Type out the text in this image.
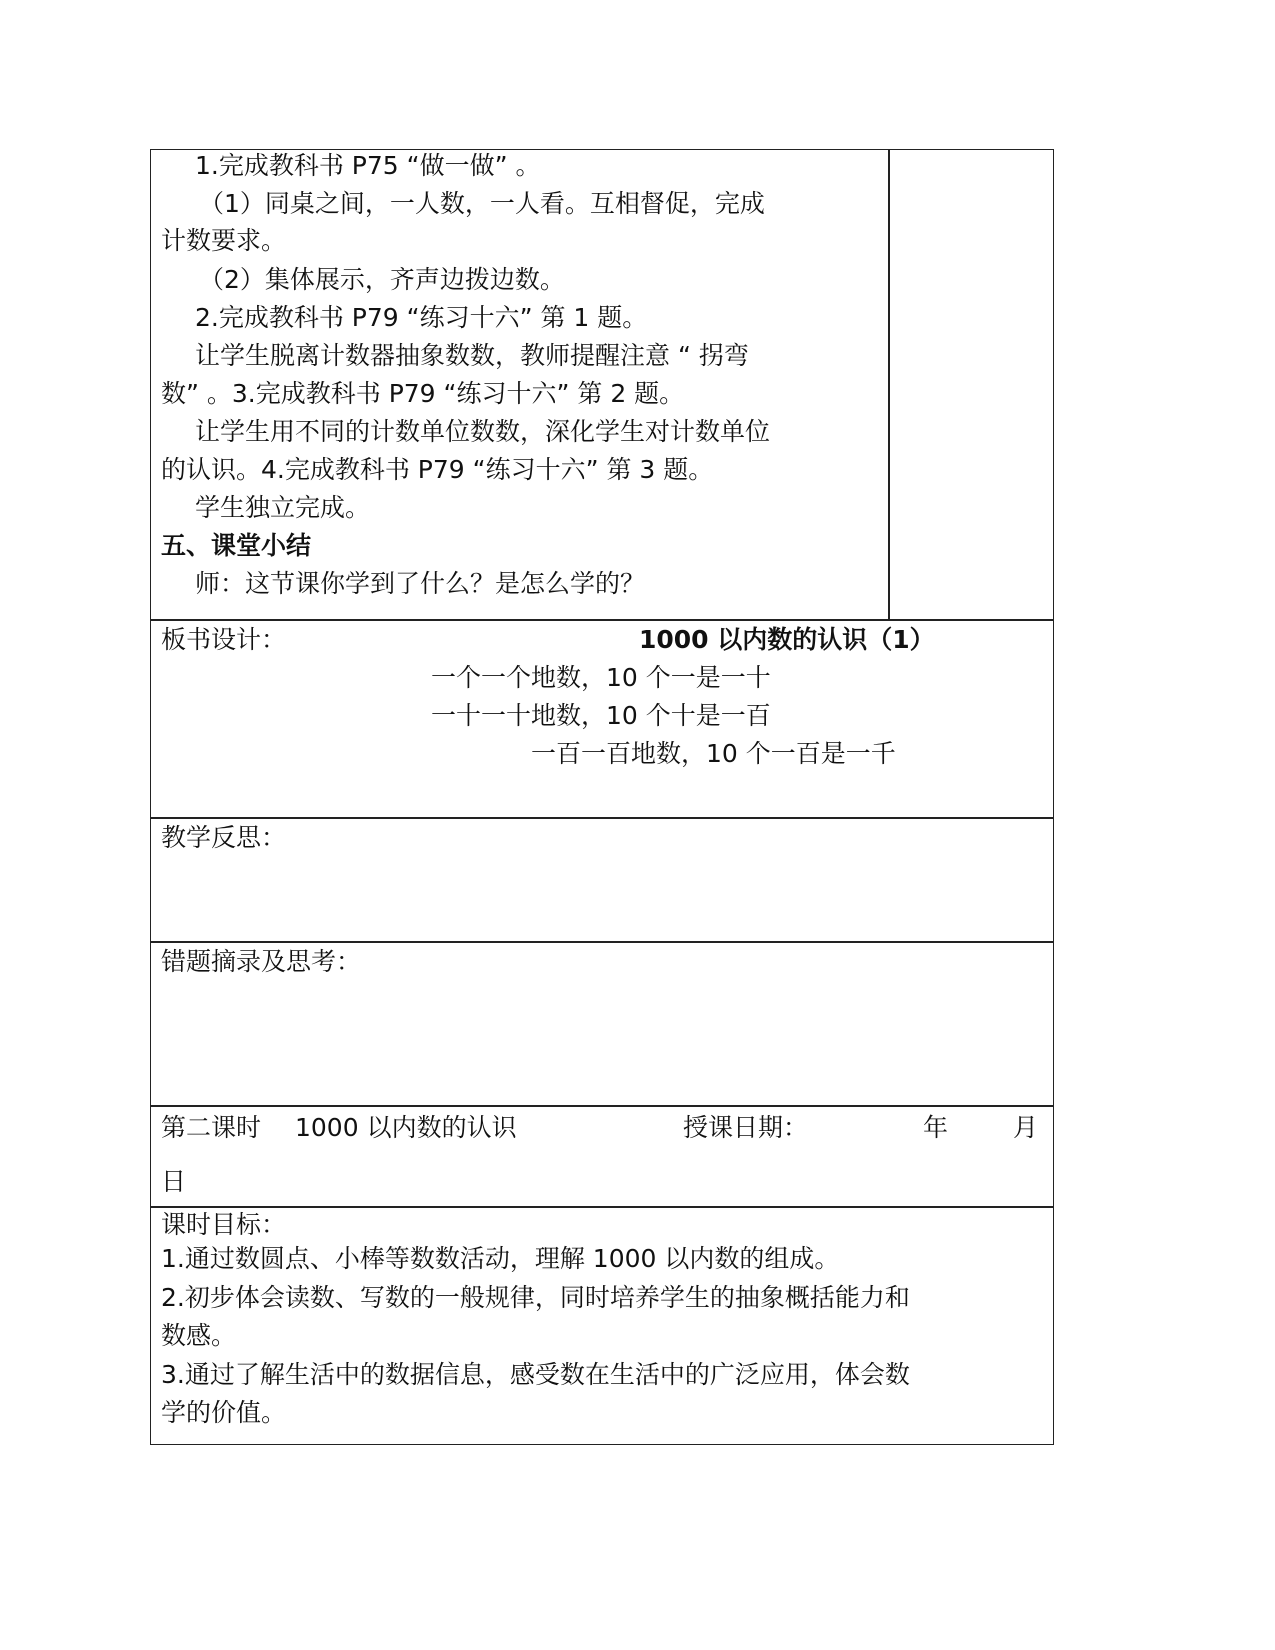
1.完成教科书 P75 “做一做” 。
（1）同桌之间，一人数，一人看。互相督促，完成
计数要求。
（2）集体展示，齐声边拨边数。
2.完成教科书 P79 “练习十六” 第 1 题。
让学生脱离计数器抽象数数，教师提醒注意 “ 拐弯
数” 。3.完成教科书 P79 “练习十六” 第 2 题。
让学生用不同的计数单位数数，深化学生对计数单位
的认识。4.完成教科书 P79 “练习十六” 第 3 题。
学生独立完成。
五、课堂小结
师：这节课你学到了什么？是怎么学的？
板书设计：	1000 以内数的认识（1）
一个一个地数，10 个一是一十
一十一十地数，10 个十是一百
一百一百地数，10 个一百是一千
教学反思：
错题摘录及思考：
第二课时 1000 以内数的认识	授课日期：	年	月
日
课时目标：
1.通过数圆点、小棒等数数活动，理解 1000 以内数的组成。
2.初步体会读数、写数的一般规律，同时培养学生的抽象概括能力和
数感。
3.通过了解生活中的数据信息，感受数在生活中的广泛应用，体会数
学的价值。
